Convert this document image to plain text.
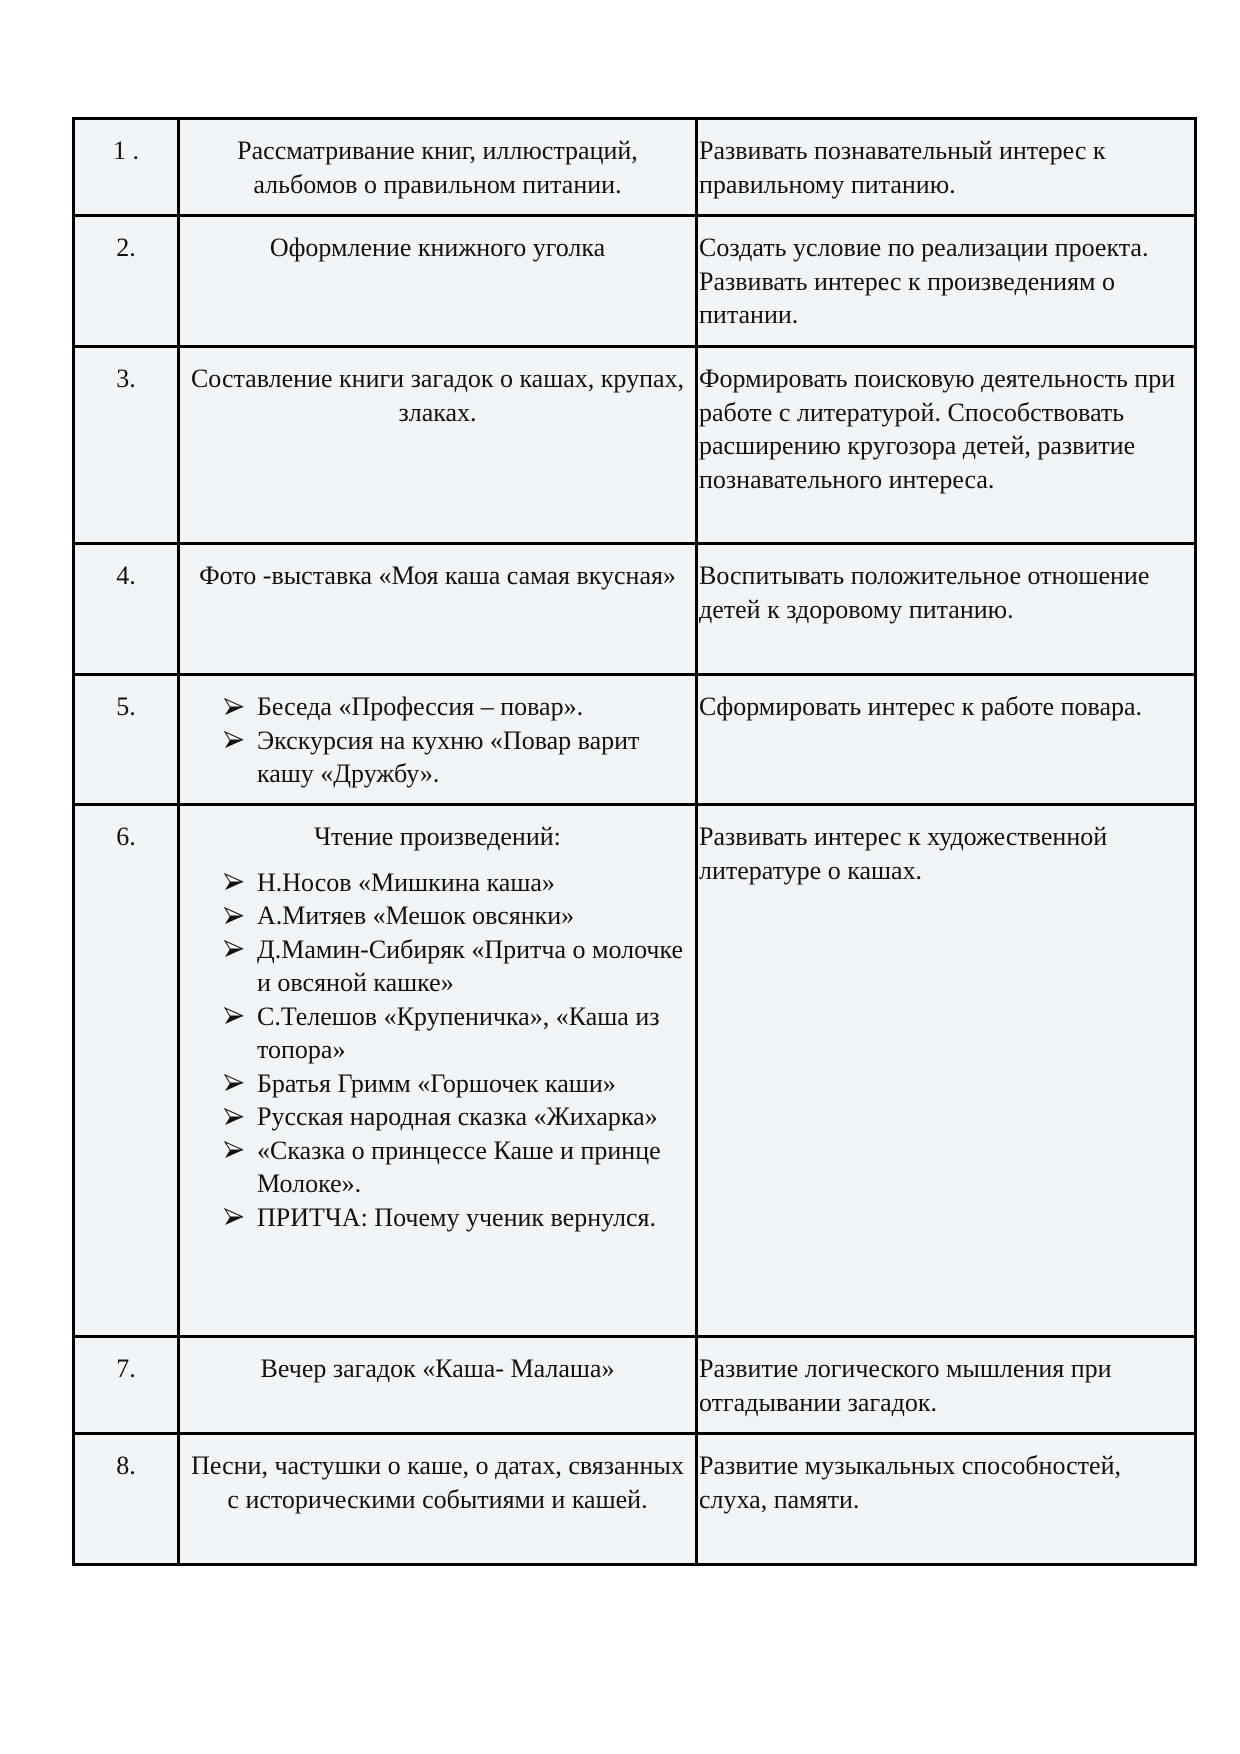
1 .	Рассматривание книг, иллюстраций, альбомов о правильном питании.	Развивать познавательный интерес к правильному питанию.
2.	Оформление книжного уголка	Создать условие по реализации проекта. Развивать интерес к произведениям о питании.
3.	Составление книги загадок о кашах, крупах, злаках.	Формировать поисковую деятельность при работе с литературой. Способствовать расширению кругозора детей, развитие познавательного интереса.
4.	Фото -выставка «Моя каша самая вкусная»	Воспитывать положительное отношение детей к здоровому питанию.
5.	Беседа «Профессия – повар».
Экскурсия на кухню «Повар варит кашу «Дружбу».
	Сформировать интерес к работе повара.
6.	Чтение произведений:
Н.Носов «Мишкина каша»
А.Митяев «Мешок овсянки»
Д.Мамин-Сибиряк «Притча о молочке и овсяной кашке»
С.Телешов «Крупеничка», «Каша из топора»
Братья Гримм «Горшочек каши»
Русская народная сказка «Жихарка»
«Сказка о принцессе Каше и принце Молоке».
ПРИТЧА: Почему ученик вернулся.
	Развивать интерес к художественной литературе о кашах.
7.	Вечер загадок «Каша- Малаша»	Развитие логического мышления при отгадывании загадок.
8.	Песни, частушки о каше, о датах, связанных с историческими событиями и кашей.	Развитие музыкальных способностей, слуха, памяти.
